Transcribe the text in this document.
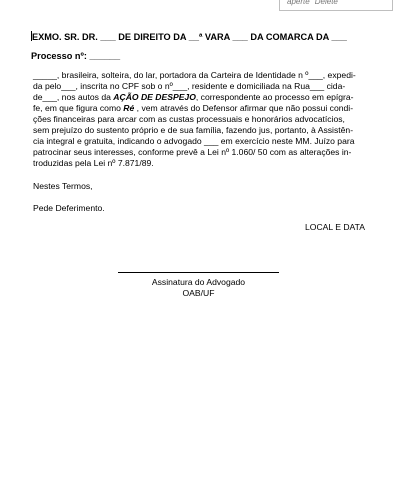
aperte "Delete"
EXMO. SR. DR. ___ DE DIREITO DA __ª VARA ___ DA COMARCA DA ___
Processo nº: ______
_____, brasileira, solteira, do lar, portadora da Carteira de Identidade n º___, expedi-
da pelo___, inscrita no CPF sob o nº___, residente e domiciliada na Rua___ cida-
de___, nos autos da AÇÃO DE DESPEJO, correspondente ao processo em epígra-
fe, em que figura como Ré , vem através do Defensor afirmar que não possui condi-
ções financeiras para arcar com as custas processuais e honorários advocatícios,
sem prejuízo do sustento próprio e de sua família, fazendo jus, portanto, à Assistên-
cia integral e gratuita, indicando o advogado ___ em exercício neste MM. Juízo para
patrocinar seus interesses, conforme prevê a Lei nº 1.060/ 50 com as alterações in-
troduzidas pela Lei nº 7.871/89.
Nestes Termos,
Pede Deferimento.
LOCAL E DATA
Assinatura do Advogado
OAB/UF
